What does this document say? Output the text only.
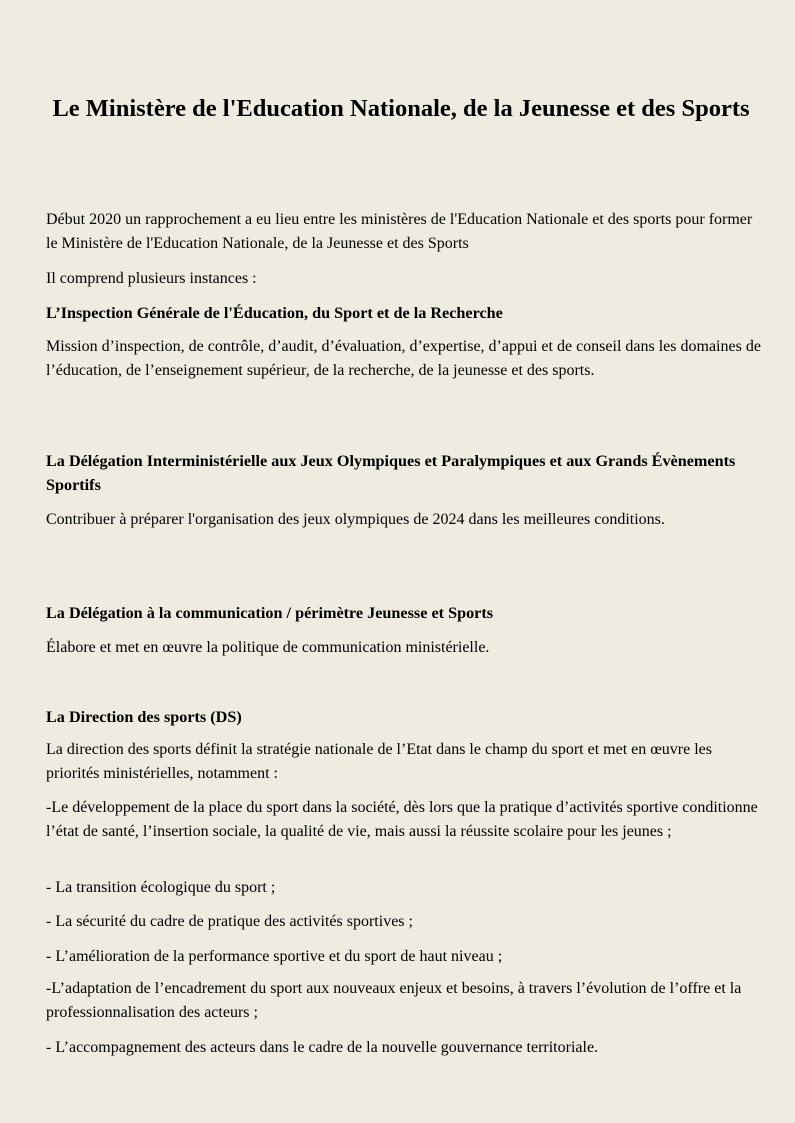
Le Ministère de l'Education Nationale, de la Jeunesse et des Sports

Début 2020 un rapprochement a eu lieu entre les ministères de l'Education Nationale et des sports pour former le Ministère de l'Education Nationale, de la Jeunesse et des Sports

Il comprend plusieurs instances :

L’Inspection Générale de l'Éducation, du Sport et de la Recherche

Mission d’inspection, de contrôle, d’audit, d’évaluation, d’expertise, d’appui et de conseil dans les domaines de l’éducation, de l’enseignement supérieur, de la recherche, de la jeunesse et des sports.

La Délégation Interministérielle aux Jeux Olympiques et Paralympiques et aux Grands Évènements Sportifs

Contribuer à préparer l'organisation des jeux olympiques de 2024 dans les meilleures conditions.

La Délégation à la communication / périmètre Jeunesse et Sports

Élabore et met en œuvre la politique de communication ministérielle.

La Direction des sports (DS)

La direction des sports définit la stratégie nationale de l’Etat dans le champ du sport et met en œuvre les priorités ministérielles, notamment :

-Le développement de la place du sport dans la société, dès lors que la pratique d’activités sportive conditionne l’état de santé, l’insertion sociale, la qualité de vie, mais aussi la réussite scolaire pour les jeunes ;

- La transition écologique du sport ;

- La sécurité du cadre de pratique des activités sportives ;

- L’amélioration de la performance sportive et du sport de haut niveau ;

-L’adaptation de l’encadrement du sport aux nouveaux enjeux et besoins, à travers l’évolution de l’offre et la professionnalisation des acteurs ;

- L’accompagnement des acteurs dans le cadre de la nouvelle gouvernance territoriale.
